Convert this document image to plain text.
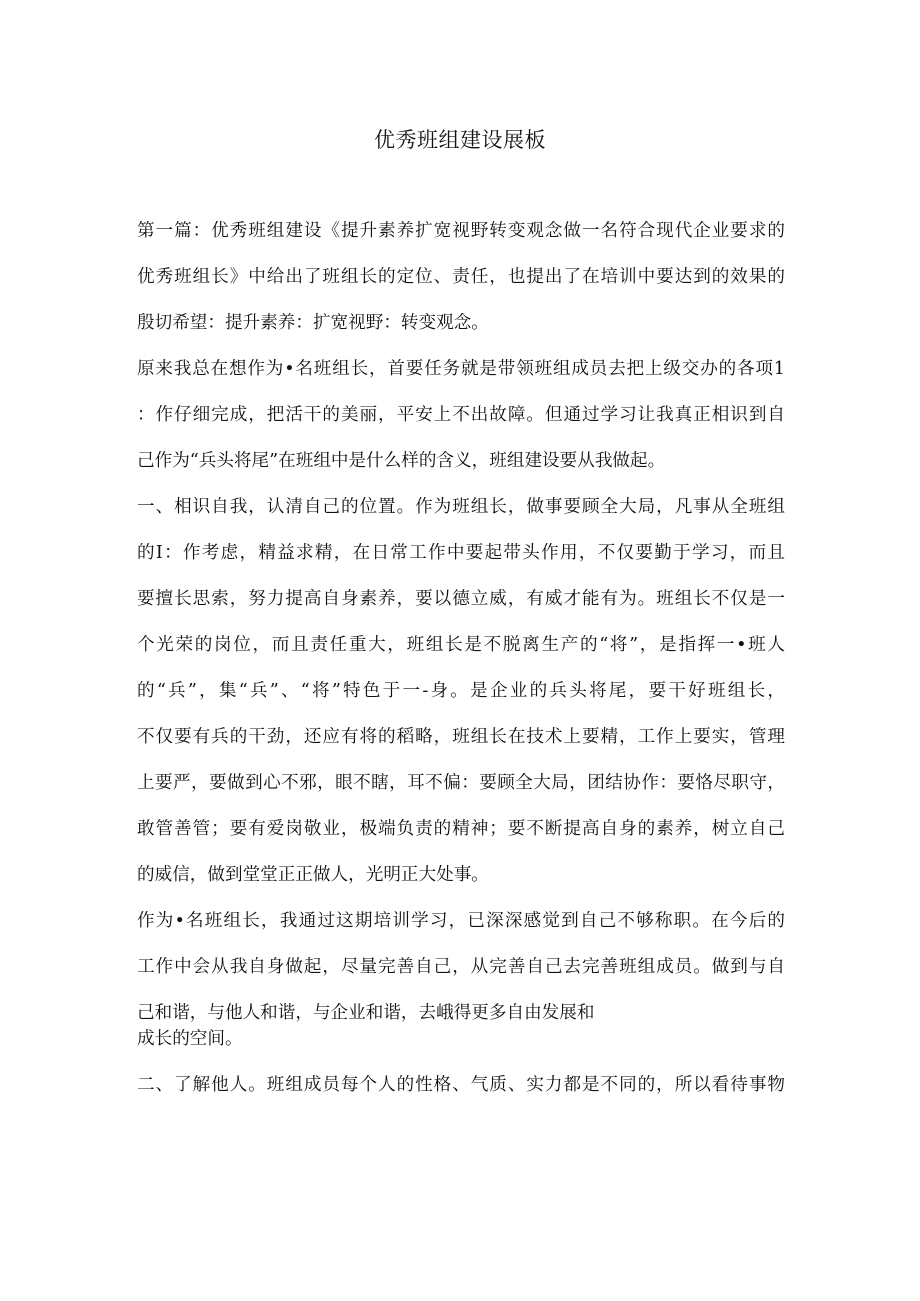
优秀班组建设展板
第一篇：优秀班组建设《提升素养扩宽视野转变观念做一名符合现代企业要求的
优秀班组长》中给出了班组长的定位、责任，也提出了在培训中要达到的效果的
殷切希望：提升素养：扩宽视野：转变观念。
原来我总在想作为•名班组长，首要任务就是带领班组成员去把上级交办的各项1
：作仔细完成，把活干的美丽，平安上不出故障。但通过学习让我真正相识到自
己作为“兵头将尾”在班组中是什么样的含义，班组建设要从我做起。
一、相识自我，认清自己的位置。作为班组长，做事要顾全大局，凡事从全班组
的I：作考虑，精益求精，在日常工作中要起带头作用，不仅要勤于学习，而且
要擅长思索，努力提高自身素养，要以德立威，有威才能有为。班组长不仅是一
个光荣的岗位，而且责任重大，班组长是不脱离生产的“将”，是指挥一•班人
的“兵”，集“兵”、“将”特色于一-身。是企业的兵头将尾，要干好班组长，
不仅要有兵的干劲，还应有将的稻略，班组长在技术上要精，工作上要实，管理
上要严，要做到心不邪，眼不瞎，耳不偏：要顾全大局，团结协作：要恪尽职守，
敢管善管；要有爱岗敬业，极端负责的精神；要不断提高自身的素养，树立自己
的威信，做到堂堂正正做人，光明正大处事。
作为•名班组长，我通过这期培训学习，已深深感觉到自己不够称职。在今后的
工作中会从我自身做起，尽量完善自己，从完善自己去完善班组成员。做到与自
己和谐，与他人和谐，与企业和谐，去峨得更多自由发展和
成长的空间。
二、了解他人。班组成员每个人的性格、气质、实力都是不同的，所以看待事物
